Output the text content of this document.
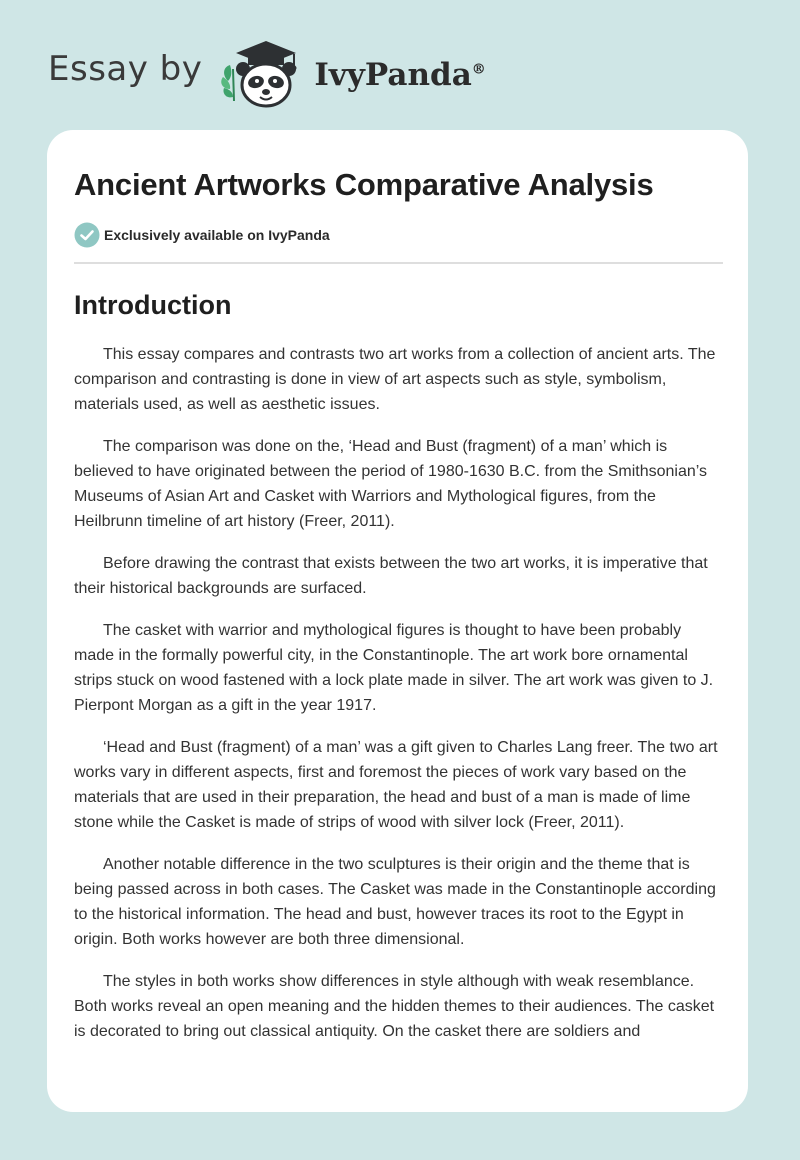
Essay by	IvyPanda®
Ancient Artworks Comparative Analysis
Exclusively available on IvyPanda
Introduction

This essay compares and contrasts two art works from a collection of ancient arts. The comparison and contrasting is done in view of art aspects such as style, symbolism, materials used, as well as aesthetic issues.

The comparison was done on the, ‘Head and Bust (fragment) of a man’ which is believed to have originated between the period of 1980-1630 B.C. from the Smithsonian’s Museums of Asian Art and Casket with Warriors and Mythological figures, from the Heilbrunn timeline of art history (Freer, 2011).

Before drawing the contrast that exists between the two art works, it is imperative that their historical backgrounds are surfaced.

The casket with warrior and mythological figures is thought to have been probably made in the formally powerful city, in the Constantinople. The art work bore ornamental strips stuck on wood fastened with a lock plate made in silver. The art work was given to J. Pierpont Morgan as a gift in the year 1917.

‘Head and Bust (fragment) of a man’ was a gift given to Charles Lang freer. The two art works vary in different aspects, first and foremost the pieces of work vary based on the materials that are used in their preparation, the head and bust of a man is made of lime stone while the Casket is made of strips of wood with silver lock (Freer, 2011).

Another notable difference in the two sculptures is their origin and the theme that is being passed across in both cases. The Casket was made in the Constantinople according to the historical information. The head and bust, however traces its root to the Egypt in origin. Both works however are both three dimensional.

The styles in both works show differences in style although with weak resemblance. Both works reveal an open meaning and the hidden themes to their audiences. The casket is decorated to bring out classical antiquity. On the casket there are soldiers and
